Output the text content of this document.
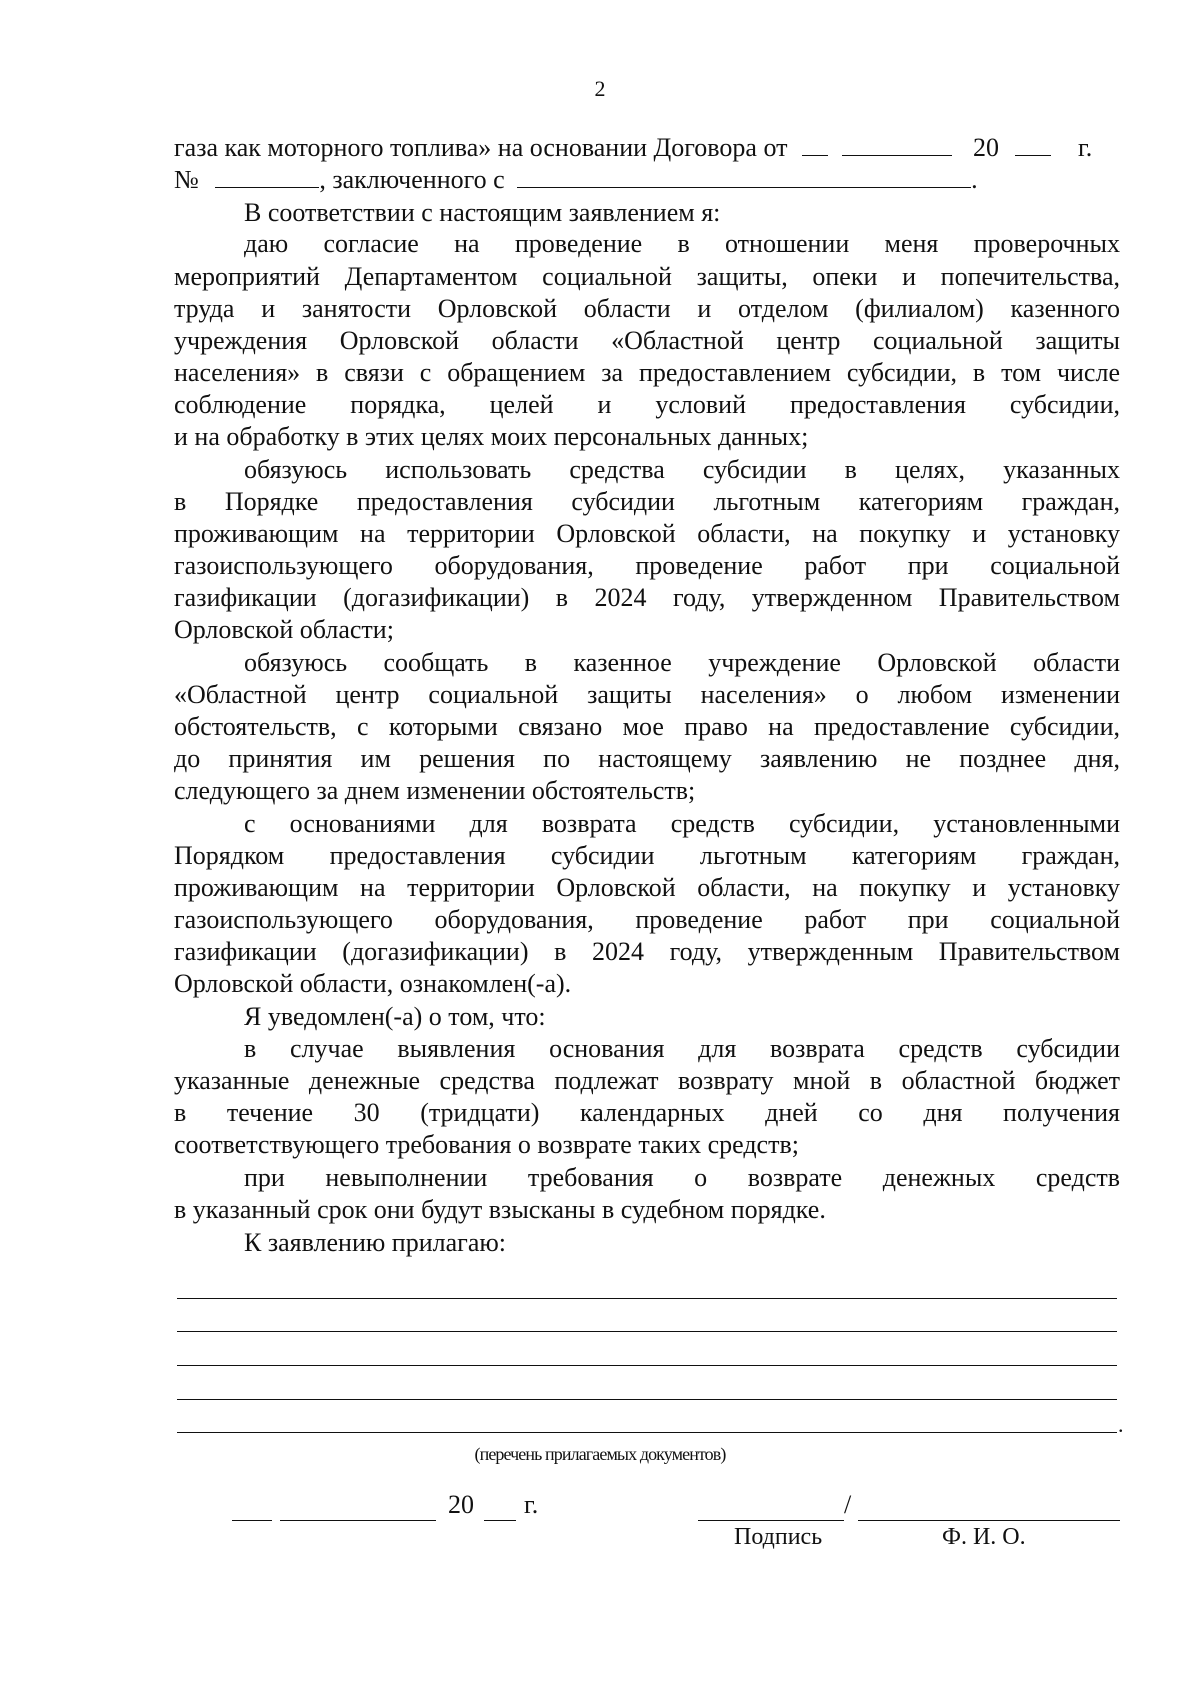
2
газа как моторного топлива» на основании Договора от	20	г.
№	, заключенного с	.
В соответствии с настоящим заявлением я:
даю согласие на проведение в отношении меня проверочных
мероприятий Департаментом социальной защиты, опеки и попечительства,
труда и занятости Орловской области и отделом (филиалом) казенного
учреждения Орловской области «Областной центр социальной защиты
населения» в связи с обращением за предоставлением субсидии, в том числе
соблюдение порядка, целей и условий предоставления субсидии,
и на обработку в этих целях моих персональных данных;
обязуюсь использовать средства субсидии в целях, указанных
в Порядке предоставления субсидии льготным категориям граждан,
проживающим на территории Орловской области, на покупку и установку
газоиспользующего оборудования, проведение работ при социальной
газификации (догазификации) в 2024 году, утвержденном Правительством
Орловской области;
обязуюсь сообщать в казенное учреждение Орловской области
«Областной центр социальной защиты населения» о любом изменении
обстоятельств, с которыми связано мое право на предоставление субсидии,
до принятия им решения по настоящему заявлению не позднее дня,
следующего за днем изменении обстоятельств;
с основаниями для возврата средств субсидии, установленными
Порядком предоставления субсидии льготным категориям граждан,
проживающим на территории Орловской области, на покупку и установку
газоиспользующего оборудования, проведение работ при социальной
газификации (догазификации) в 2024 году, утвержденным Правительством
Орловской области, ознакомлен(-а).
Я уведомлен(-а) о том, что:
в случае выявления основания для возврата средств субсидии
указанные денежные средства подлежат возврату мной в областной бюджет
в течение 30 (тридцати) календарных дней со дня получения
соответствующего требования о возврате таких средств;
при невыполнении требования о возврате денежных средств
в указанный срок они будут взысканы в судебном порядке.
К заявлению прилагаю:
.
(перечень прилагаемых документов)
20 г.	/
Подпись	Ф. И. О.
